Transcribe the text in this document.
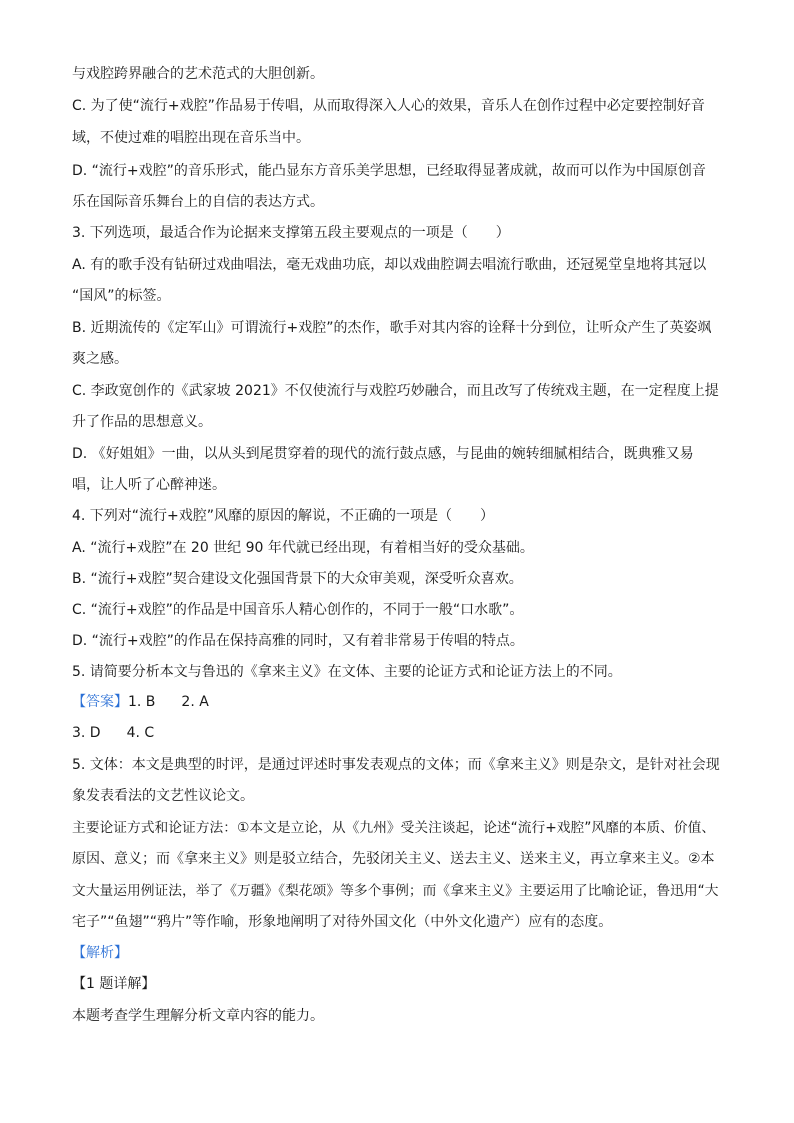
与戏腔跨界融合的艺术范式的大胆创新。
C. 为了使“流行+戏腔”作品易于传唱，从而取得深入人心的效果，音乐人在创作过程中必定要控制好音
域，不使过难的唱腔出现在音乐当中。
D. “流行+戏腔”的音乐形式，能凸显东方音乐美学思想，已经取得显著成就，故而可以作为中国原创音
乐在国际音乐舞台上的自信的表达方式。
3. 下列选项，最适合作为论据来支撑第五段主要观点的一项是（　　）
A. 有的歌手没有钻研过戏曲唱法，毫无戏曲功底，却以戏曲腔调去唱流行歌曲，还冠冕堂皇地将其冠以
“国风”的标签。
B. 近期流传的《定军山》可谓流行+戏腔”的杰作，歌手对其内容的诠释十分到位，让听众产生了英姿飒
爽之感。
C. 李政宽创作的《武家坡 2021》不仅使流行与戏腔巧妙融合，而且改写了传统戏主题，在一定程度上提
升了作品的思想意义。
D. 《好姐姐》一曲，以从头到尾贯穿着的现代的流行鼓点感，与昆曲的婉转细腻相结合，既典雅又易
唱，让人听了心醉神迷。
4. 下列对“流行+戏腔”风靡的原因的解说，不正确的一项是（　　）
A. “流行+戏腔”在 20 世纪 90 年代就已经出现，有着相当好的受众基础。
B. “流行+戏腔”契合建设文化强国背景下的大众审美观，深受听众喜欢。
C. “流行+戏腔”的作品是中国音乐人精心创作的，不同于一般“口水歌”。
D. “流行+戏腔”的作品在保持高雅的同时，又有着非常易于传唱的特点。
5. 请简要分析本文与鲁迅的《拿来主义》在文体、主要的论证方式和论证方法上的不同。
【答案】1. B 2. A
3. D 4. C
5. 文体：本文是典型的时评，是通过评述时事发表观点的文体；而《拿来主义》则是杂文，是针对社会现
象发表看法的文艺性议论文。
主要论证方式和论证方法：①本文是立论，从《九州》受关注谈起，论述“流行+戏腔”风靡的本质、价值、
原因、意义；而《拿来主义》则是驳立结合，先驳闭关主义、送去主义、送来主义，再立拿来主义。②本
文大量运用例证法，举了《万疆》《梨花颂》等多个事例；而《拿来主义》主要运用了比喻论证，鲁迅用“大
宅子”“鱼翅”“鸦片”等作喻，形象地阐明了对待外国文化（中外文化遗产）应有的态度。
【解析】
【1 题详解】
本题考查学生理解分析文章内容的能力。
